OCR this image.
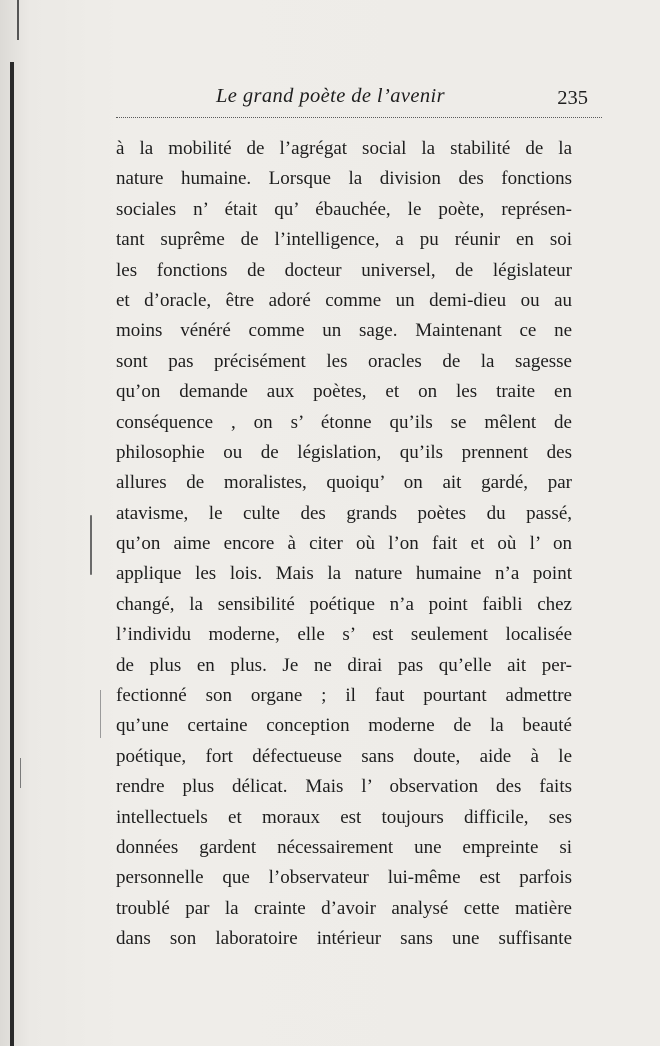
Le grand poète de l’avenir	235
à la mobilité de l’agrégat social la stabilité de la
nature humaine. Lorsque la division des fonctions
sociales n’ était qu’ ébauchée, le poète, représen-
tant suprême de l’intelligence, a pu réunir en soi
les fonctions de docteur universel, de législateur
et d’oracle, être adoré comme un demi-dieu ou au
moins vénéré comme un sage. Maintenant ce ne
sont pas précisément les oracles de la sagesse
qu’on demande aux poètes, et on les traite en
conséquence , on s’ étonne qu’ils se mêlent de
philosophie ou de législation, qu’ils prennent des
allures de moralistes, quoiqu’ on ait gardé, par
atavisme, le culte des grands poètes du passé,
qu’on aime encore à citer où l’on fait et où l’ on
applique les lois. Mais la nature humaine n’a point
changé, la sensibilité poétique n’a point faibli chez
l’individu moderne, elle s’ est seulement localisée
de plus en plus. Je ne dirai pas qu’elle ait per-
fectionné son organe ; il faut pourtant admettre
qu’une certaine conception moderne de la beauté
poétique, fort défectueuse sans doute, aide à le
rendre plus délicat. Mais l’ observation des faits
intellectuels et moraux est toujours difficile, ses
données gardent nécessairement une empreinte si
personnelle que l’observateur lui-même est parfois
troublé par la crainte d’avoir analysé cette matière
dans son laboratoire intérieur sans une suffisante
